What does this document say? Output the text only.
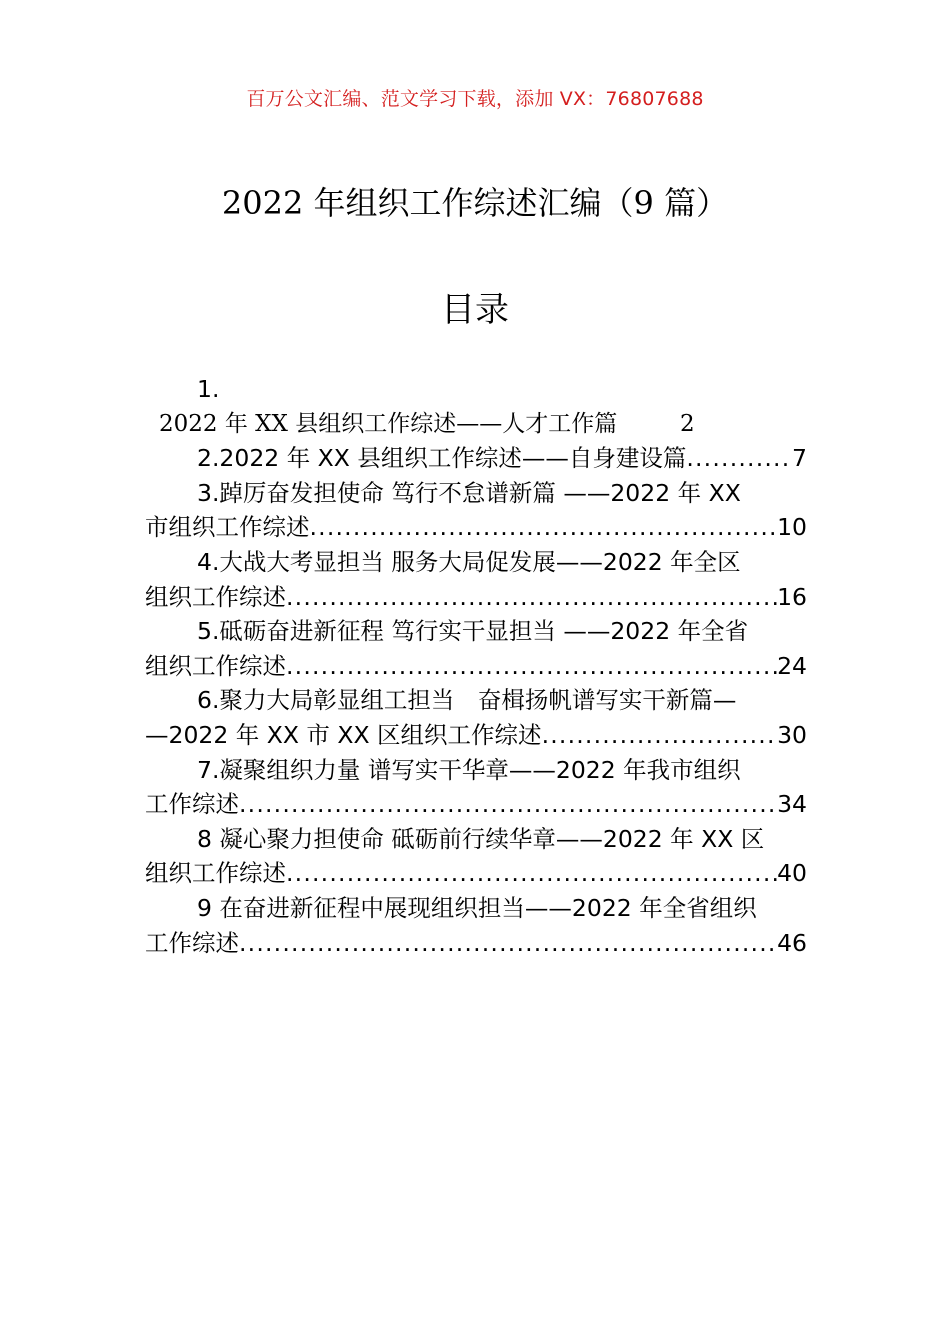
百万公文汇编、范文学习下载，添加 VX：76807688
2022 年组织工作综述汇编（9 篇）
目录
1.
2022 年 XX 县组织工作综述——人才工作篇	2
2.2022 年 XX 县组织工作综述——自身建设篇 .....	7
3.踔厉奋发担使命 笃行不怠谱新篇 ——2022 年 XX
市组织工作综述 .....	10
4.大战大考显担当 服务大局促发展——2022 年全区
组织工作综述 .....	16
5.砥砺奋进新征程 笃行实干显担当 ——2022 年全省
组织工作综述 .....	24
6.聚力大局彰显组工担当　奋楫扬帆谱写实干新篇—
—2022 年 XX 市 XX 区组织工作综述 .....	30
7.凝聚组织力量 谱写实干华章——2022 年我市组织
工作综述 .....	34
8 凝心聚力担使命 砥砺前行续华章——2022 年 XX 区
组织工作综述 .....	40
9 在奋进新征程中展现组织担当——2022 年全省组织
工作综述 .....	46
